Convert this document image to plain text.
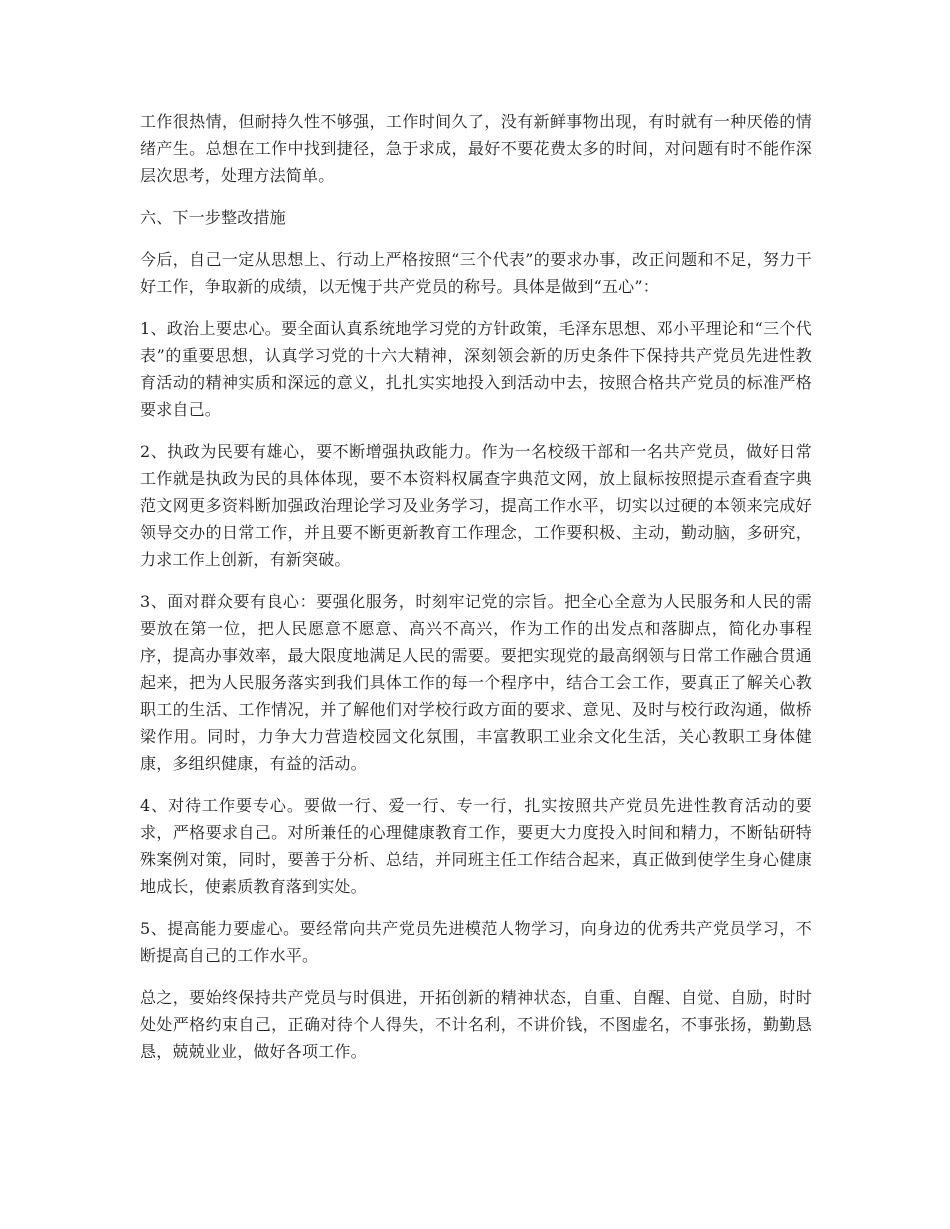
工作很热情，但耐持久性不够强，工作时间久了，没有新鲜事物出现，有时就有一种厌倦的情绪产生。总想在工作中找到捷径，急于求成，最好不要花费太多的时间，对问题有时不能作深层次思考，处理方法简单。

六、下一步整改措施

今后，自己一定从思想上、行动上严格按照“三个代表”的要求办事，改正问题和不足，努力干好工作，争取新的成绩，以无愧于共产党员的称号。具体是做到“五心”：

1、政治上要忠心。要全面认真系统地学习党的方针政策，毛泽东思想、邓小平理论和“三个代表”的重要思想，认真学习党的十六大精神，深刻领会新的历史条件下保持共产党员先进性教育活动的精神实质和深远的意义，扎扎实实地投入到活动中去，按照合格共产党员的标准严格要求自己。

2、执政为民要有雄心，要不断增强执政能力。作为一名校级干部和一名共产党员，做好日常工作就是执政为民的具体体现，要不本资料权属查字典范文网，放上鼠标按照提示查看查字典范文网更多资料断加强政治理论学习及业务学习，提高工作水平，切实以过硬的本领来完成好领导交办的日常工作，并且要不断更新教育工作理念，工作要积极、主动，勤动脑，多研究，力求工作上创新，有新突破。

3、面对群众要有良心：要强化服务，时刻牢记党的宗旨。把全心全意为人民服务和人民的需要放在第一位，把人民愿意不愿意、高兴不高兴，作为工作的出发点和落脚点，简化办事程序，提高办事效率，最大限度地满足人民的需要。要把实现党的最高纲领与日常工作融合贯通起来，把为人民服务落实到我们具体工作的每一个程序中，结合工会工作，要真正了解关心教职工的生活、工作情况，并了解他们对学校行政方面的要求、意见、及时与校行政沟通，做桥梁作用。同时，力争大力营造校园文化氛围，丰富教职工业余文化生活，关心教职工身体健康，多组织健康，有益的活动。

4、对待工作要专心。要做一行、爱一行、专一行，扎实按照共产党员先进性教育活动的要求，严格要求自己。对所兼任的心理健康教育工作，要更大力度投入时间和精力，不断钻研特殊案例对策，同时，要善于分析、总结，并同班主任工作结合起来，真正做到使学生身心健康地成长，使素质教育落到实处。

5、提高能力要虚心。要经常向共产党员先进模范人物学习，向身边的优秀共产党员学习，不断提高自己的工作水平。

总之，要始终保持共产党员与时俱进，开拓创新的精神状态，自重、自醒、自觉、自励，时时处处严格约束自己，正确对待个人得失，不计名利，不讲价钱，不图虚名，不事张扬，勤勤恳恳，兢兢业业，做好各项工作。
